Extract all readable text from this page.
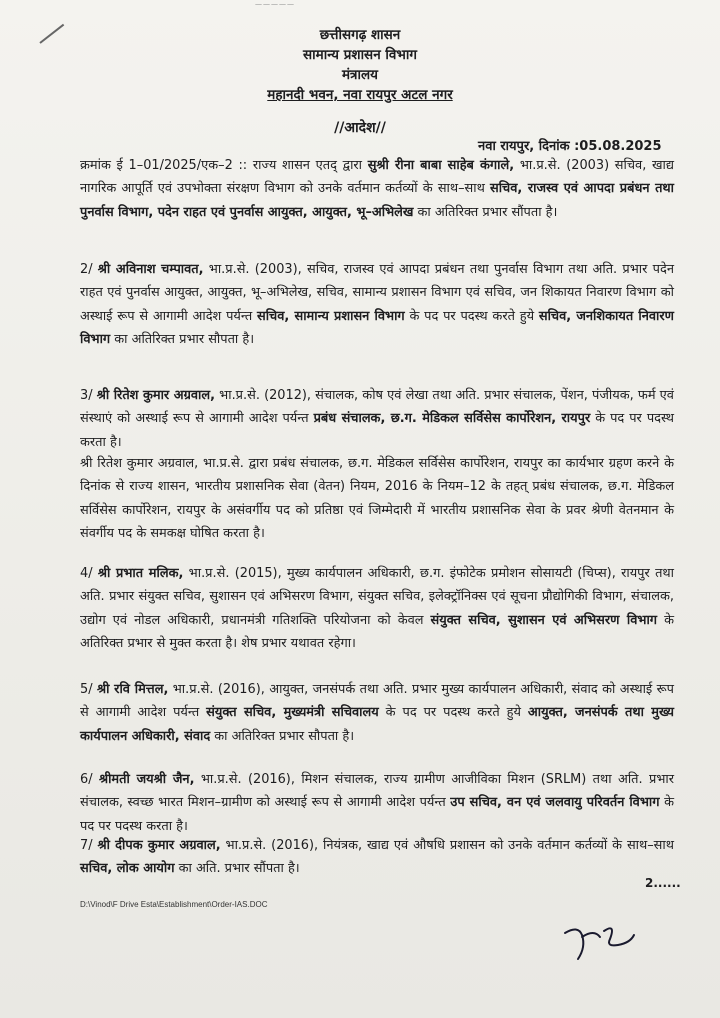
—————
छत्तीसगढ़ शासन
सामान्य प्रशासन विभाग
मंत्रालय
महानदी भवन, नवा रायपुर अटल नगर
//आदेश//
नवा रायपुर, दिनांक :05.08.2025
क्रमांक ई 1–01/2025/एक–2 :: राज्य शासन एतद् द्वारा सुश्री रीना बाबा साहेब कंगाले, भा.प्र.से. (2003) सचिव, खाद्य नागरिक आपूर्ति एवं उपभोक्ता संरक्षण विभाग को उनके वर्तमान कर्तव्यों के साथ–साथ सचिव, राजस्व एवं आपदा प्रबंधन तथा पुनर्वास विभाग, पदेन राहत एवं पुनर्वास आयुक्त, आयुक्त, भू–अभिलेख का अतिरिक्त प्रभार सौंपता है।
2/ श्री अविनाश चम्पावत, भा.प्र.से. (2003), सचिव, राजस्व एवं आपदा प्रबंधन तथा पुनर्वास विभाग तथा अति. प्रभार पदेन राहत एवं पुनर्वास आयुक्त, आयुक्त, भू–अभिलेख, सचिव, सामान्य प्रशासन विभाग एवं सचिव, जन शिकायत निवारण विभाग को अस्थाई रूप से आगामी आदेश पर्यन्त सचिव, सामान्य प्रशासन विभाग के पद पर पदस्थ करते हुये सचिव, जनशिकायत निवारण विभाग का अतिरिक्त प्रभार सौपता है।
3/ श्री रितेश कुमार अग्रवाल, भा.प्र.से. (2012), संचालक, कोष एवं लेखा तथा अति. प्रभार संचालक, पेंशन, पंजीयक, फर्म एवं संस्थाएं को अस्थाई रूप से आगामी आदेश पर्यन्त प्रबंध संचालक, छ.ग. मेडिकल सर्विसेस कार्पोरेशन, रायपुर के पद पर पदस्थ करता है।
श्री रितेश कुमार अग्रवाल, भा.प्र.से. द्वारा प्रबंध संचालक, छ.ग. मेडिकल सर्विसेस कार्पोरेशन, रायपुर का कार्यभार ग्रहण करने के दिनांक से राज्य शासन, भारतीय प्रशासनिक सेवा (वेतन) नियम, 2016 के नियम–12 के तहत् प्रबंध संचालक, छ.ग. मेडिकल सर्विसेस कार्पोरेशन, रायपुर के असंवर्गीय पद को प्रतिष्ठा एवं जिम्मेदारी में भारतीय प्रशासनिक सेवा के प्रवर श्रेणी वेतनमान के संवर्गीय पद के समकक्ष घोषित करता है।
4/ श्री प्रभात मलिक, भा.प्र.से. (2015), मुख्य कार्यपालन अधिकारी, छ.ग. इंफोटेक प्रमोशन सोसायटी (चिप्स), रायपुर तथा अति. प्रभार संयुक्त सचिव, सुशासन एवं अभिसरण विभाग, संयुक्त सचिव, इलेक्ट्रॉनिक्स एवं सूचना प्रौद्योगिकी विभाग, संचालक, उद्योग एवं नोडल अधिकारी, प्रधानमंत्री गतिशक्ति परियोजना को केवल संयुक्त सचिव, सुशासन एवं अभिसरण विभाग के अतिरिक्त प्रभार से मुक्त करता है। शेष प्रभार यथावत रहेगा।
5/ श्री रवि मित्तल, भा.प्र.से. (2016), आयुक्त, जनसंपर्क तथा अति. प्रभार मुख्य कार्यपालन अधिकारी, संवाद को अस्थाई रूप से आगामी आदेश पर्यन्त संयुक्त सचिव, मुख्यमंत्री सचिवालय के पद पर पदस्थ करते हुये आयुक्त, जनसंपर्क तथा मुख्य कार्यपालन अधिकारी, संवाद का अतिरिक्त प्रभार सौपता है।
6/ श्रीमती जयश्री जैन, भा.प्र.से. (2016), मिशन संचालक, राज्य ग्रामीण आजीविका मिशन (SRLM) तथा अति. प्रभार संचालक, स्वच्छ भारत मिशन–ग्रामीण को अस्थाई रूप से आगामी आदेश पर्यन्त उप सचिव, वन एवं जलवायु परिवर्तन विभाग के पद पर पदस्थ करता है।
7/ श्री दीपक कुमार अग्रवाल, भा.प्र.से. (2016), नियंत्रक, खाद्य एवं औषधि प्रशासन को उनके वर्तमान कर्तव्यों के साथ–साथ सचिव, लोक आयोग का अति. प्रभार सौंपता है।
2......
D:\Vinod\F Drive Esta\Establishment\Order-IAS.DOC
